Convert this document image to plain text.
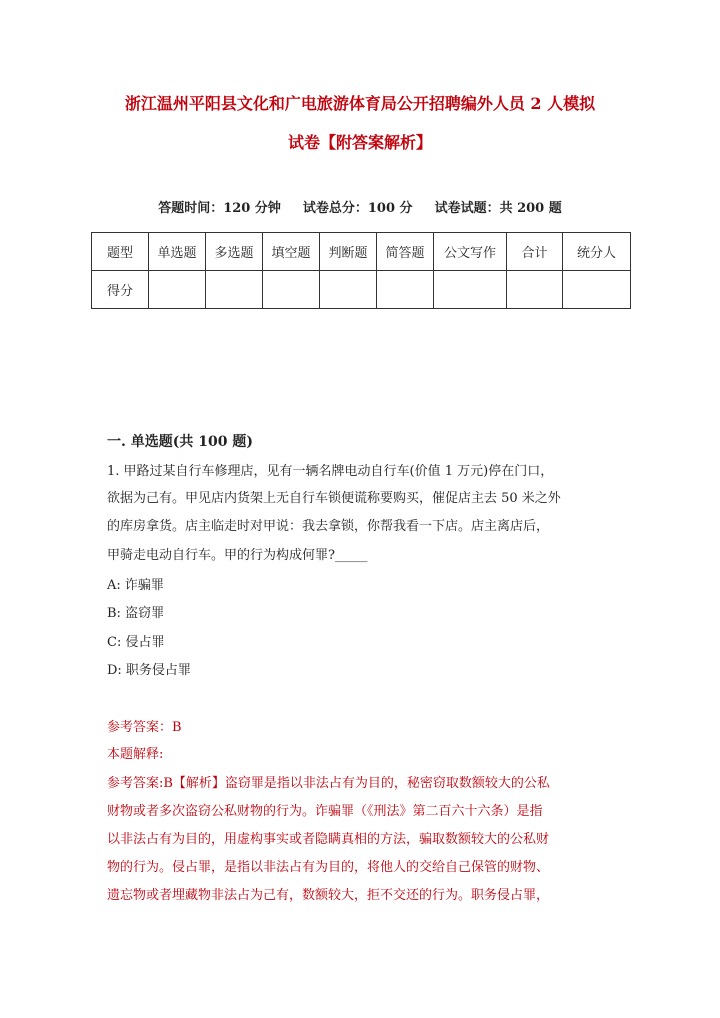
浙江温州平阳县文化和广电旅游体育局公开招聘编外人员 2 人模拟
试卷【附答案解析】
答题时间：120 分钟 试卷总分：100 分 试卷试题：共 200 题
题型	单选题	多选题	填空题	判断题	简答题	公文写作	合计	统分人
得分								
一. 单选题(共 100 题)
1. 甲路过某自行车修理店，见有一辆名牌电动自行车(价值 1 万元)停在门口，
欲据为己有。甲见店内货架上无自行车锁便谎称要购买，催促店主去 50 米之外
的库房拿货。店主临走时对甲说：我去拿锁，你帮我看一下店。店主离店后，
甲骑走电动自行车。甲的行为构成何罪?_____
A: 诈骗罪
B: 盗窃罪
C: 侵占罪
D: 职务侵占罪
参考答案：B
本题解释:
参考答案:B【解析】盗窃罪是指以非法占有为目的，秘密窃取数额较大的公私
财物或者多次盗窃公私财物的行为。诈骗罪（《刑法》第二百六十六条）是指
以非法占有为目的，用虚构事实或者隐瞒真相的方法，骗取数额较大的公私财
物的行为。侵占罪，是指以非法占有为目的，将他人的交给自己保管的财物、
遗忘物或者埋藏物非法占为己有，数额较大，拒不交还的行为。职务侵占罪，
